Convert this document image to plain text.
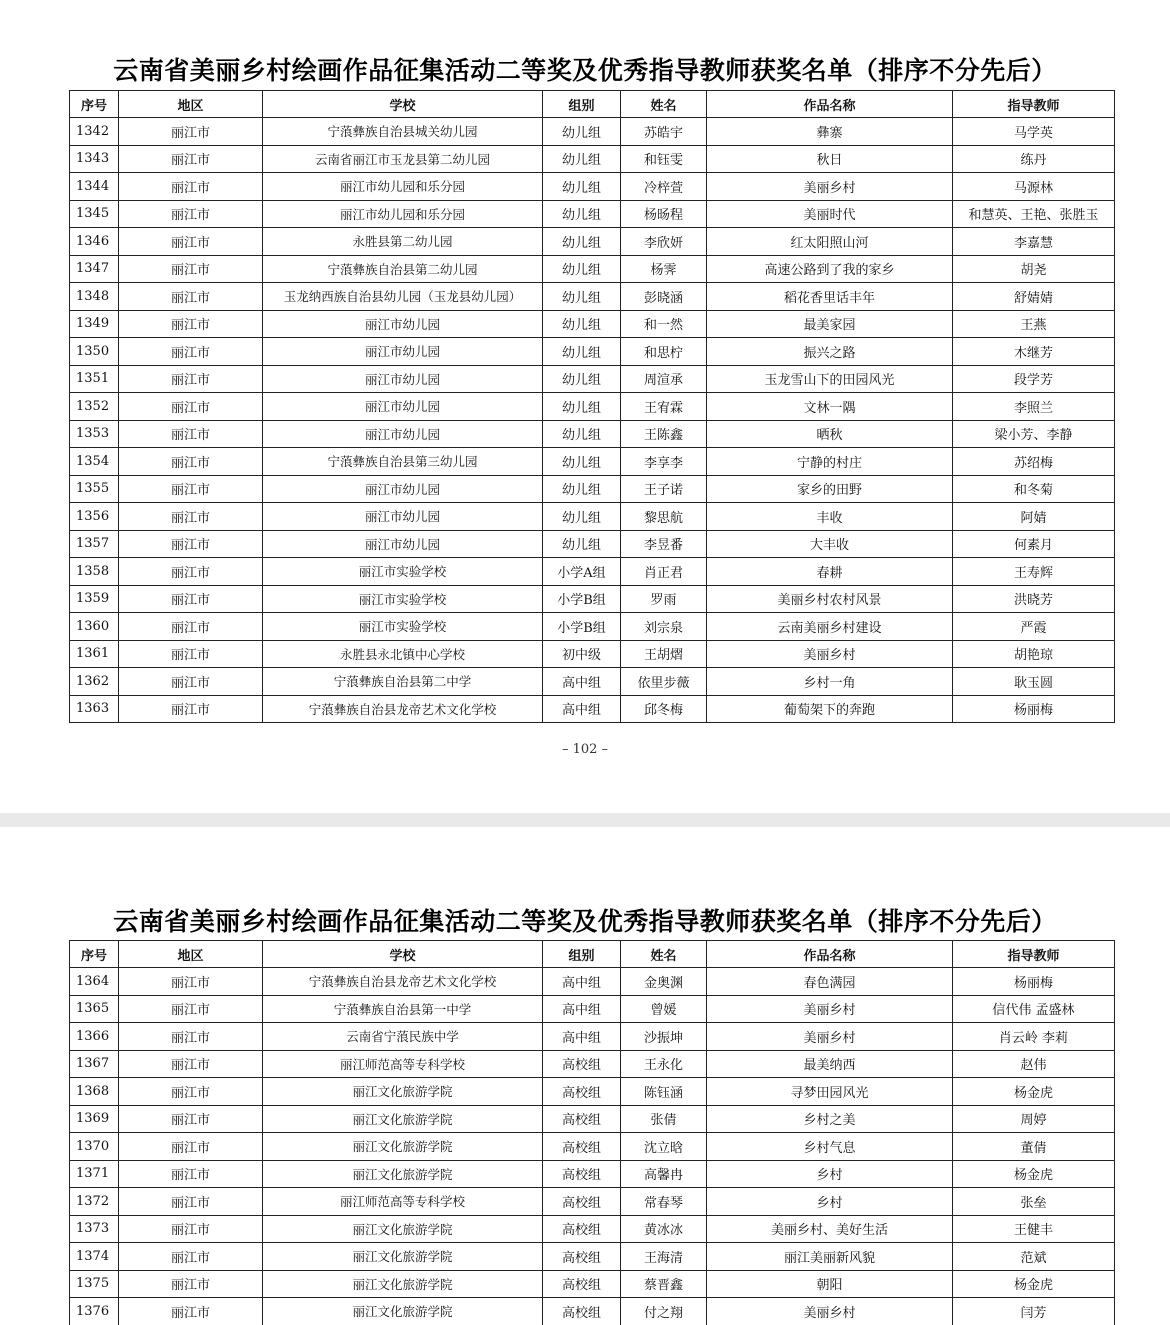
云南省美丽乡村绘画作品征集活动二等奖及优秀指导教师获奖名单（排序不分先后）
序号	地区	学校	组别	姓名	作品名称	指导教师
1342	丽江市	宁蒗彝族自治县城关幼儿园	幼儿组	苏皓宇	彝寨	马学英
1343	丽江市	云南省丽江市玉龙县第二幼儿园	幼儿组	和钰雯	秋日	练丹
1344	丽江市	丽江市幼儿园和乐分园	幼儿组	冷梓萱	美丽乡村	马源林
1345	丽江市	丽江市幼儿园和乐分园	幼儿组	杨旸程	美丽时代	和慧英、王艳、张胜玉
1346	丽江市	永胜县第二幼儿园	幼儿组	李欣妍	红太阳照山河	李嘉慧
1347	丽江市	宁蒗彝族自治县第二幼儿园	幼儿组	杨霁	高速公路到了我的家乡	胡尧
1348	丽江市	玉龙纳西族自治县幼儿园（玉龙县幼儿园）	幼儿组	彭晓涵	稻花香里话丰年	舒婧婧
1349	丽江市	丽江市幼儿园	幼儿组	和一然	最美家园	王燕
1350	丽江市	丽江市幼儿园	幼儿组	和思柠	振兴之路	木继芳
1351	丽江市	丽江市幼儿园	幼儿组	周渲承	玉龙雪山下的田园风光	段学芳
1352	丽江市	丽江市幼儿园	幼儿组	王宥霖	文林一隅	李照兰
1353	丽江市	丽江市幼儿园	幼儿组	王陈鑫	晒秋	梁小芳、李静
1354	丽江市	宁蒗彝族自治县第三幼儿园	幼儿组	李享李	宁静的村庄	苏绍梅
1355	丽江市	丽江市幼儿园	幼儿组	王子诺	家乡的田野	和冬菊
1356	丽江市	丽江市幼儿园	幼儿组	黎思航	丰收	阿婧
1357	丽江市	丽江市幼儿园	幼儿组	李昱番	大丰收	何素月
1358	丽江市	丽江市实验学校	小学A组	肖正君	春耕	王寿辉
1359	丽江市	丽江市实验学校	小学B组	罗雨	美丽乡村农村风景	洪晓芳
1360	丽江市	丽江市实验学校	小学B组	刘宗泉	云南美丽乡村建设	严霞
1361	丽江市	永胜县永北镇中心学校	初中级	王胡熠	美丽乡村	胡艳琼
1362	丽江市	宁蒗彝族自治县第二中学	高中组	依里步薇	乡村一角	耿玉圆
1363	丽江市	宁蒗彝族自治县龙帝艺术文化学校	高中组	邱冬梅	葡萄架下的奔跑	杨丽梅
– 102 –
云南省美丽乡村绘画作品征集活动二等奖及优秀指导教师获奖名单（排序不分先后）
序号	地区	学校	组别	姓名	作品名称	指导教师
1364	丽江市	宁蒗彝族自治县龙帝艺术文化学校	高中组	金奥渊	春色满园	杨丽梅
1365	丽江市	宁蒗彝族自治县第一中学	高中组	曾媛	美丽乡村	信代伟 孟盛林
1366	丽江市	云南省宁蒗民族中学	高中组	沙振坤	美丽乡村	肖云岭 李莉
1367	丽江市	丽江师范高等专科学校	高校组	王永化	最美纳西	赵伟
1368	丽江市	丽江文化旅游学院	高校组	陈钰涵	寻梦田园风光	杨金虎
1369	丽江市	丽江文化旅游学院	高校组	张倩	乡村之美	周婷
1370	丽江市	丽江文化旅游学院	高校组	沈立晗	乡村气息	董倩
1371	丽江市	丽江文化旅游学院	高校组	高馨冉	乡村	杨金虎
1372	丽江市	丽江师范高等专科学校	高校组	常春琴	乡村	张垒
1373	丽江市	丽江文化旅游学院	高校组	黄冰冰	美丽乡村、美好生活	王健丰
1374	丽江市	丽江文化旅游学院	高校组	王海清	丽江美丽新风貌	范斌
1375	丽江市	丽江文化旅游学院	高校组	蔡晋鑫	朝阳	杨金虎
1376	丽江市	丽江文化旅游学院	高校组	付之翔	美丽乡村	闫芳
